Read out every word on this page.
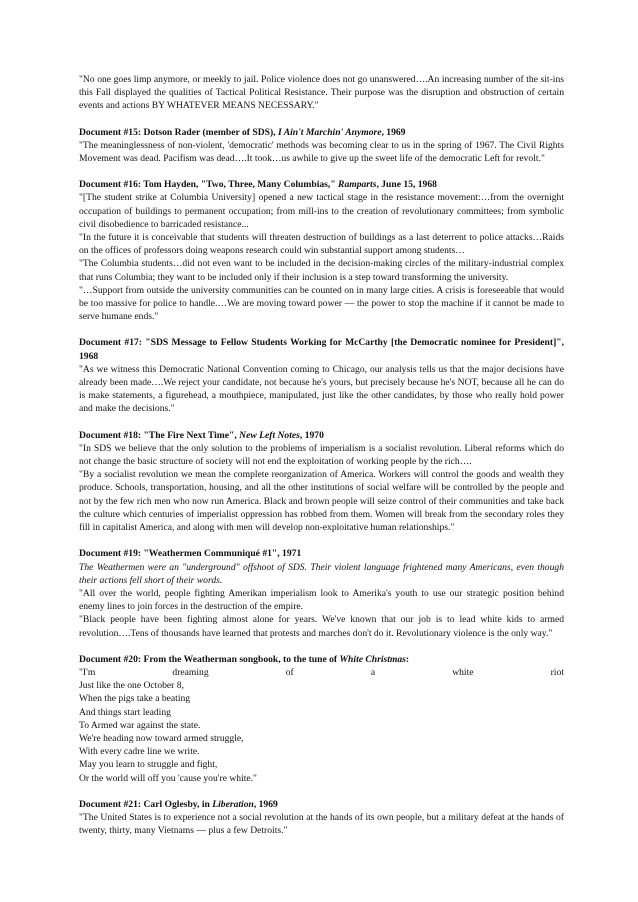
"No one goes limp anymore, or meekly to jail. Police violence does not go unanswered….An increasing number of the sit-ins this Fall displayed the qualities of Tactical Political Resistance. Their purpose was the disruption and obstruction of certain events and actions BY WHATEVER MEANS NECESSARY."

Document #15: Dotson Rader (member of SDS), I Ain't Marchin' Anymore, 1969

"The meaninglessness of non-violent, 'democratic' methods was becoming clear to us in the spring of 1967. The Civil Rights Movement was dead. Pacifism was dead….It took…us awhile to give up the sweet life of the democratic Left for revolt."

Document #16: Tom Hayden, "Two, Three, Many Columbias," Ramparts, June 15, 1968

"[The student strike at Columbia University] opened a new tactical stage in the resistance movement:…from the overnight occupation of buildings to permanent occupation; from mill-ins to the creation of revolutionary committees; from symbolic civil disobedience to barricaded resistance...

"In the future it is conceivable that students will threaten destruction of buildings as a last deterrent to police attacks…Raids on the offices of professors doing weapons research could win substantial support among students…

"The Columbia students…did not even want to be included in the decision-making circles of the military-industrial complex that runs Columbia; they want to be included only if their inclusion is a step toward transforming the university.

"…Support from outside the university communities can be counted on in many large cities. A crisis is foreseeable that would be too massive for police to handle.…We are moving toward power — the power to stop the machine if it cannot be made to serve humane ends."

Document #17: "SDS Message to Fellow Students Working for McCarthy [the Democratic nominee for President]", 1968

"As we witness this Democratic National Convention coming to Chicago, our analysis tells us that the major decisions have already been made….We reject your candidate, not because he's yours, but precisely because he's NOT, because all he can do is make statements, a figurehead, a mouthpiece, manipulated, just like the other candidates, by those who really hold power and make the decisions."

Document #18: "The Fire Next Time", New Left Notes, 1970

"In SDS we believe that the only solution to the problems of imperialism is a socialist revolution. Liberal reforms which do not change the basic structure of society will not end the exploitation of working people by the rich….

"By a socialist revolution we mean the complete reorganization of America. Workers will control the goods and wealth they produce. Schools, transportation, housing, and all the other institutions of social welfare will be controlled by the people and not by the few rich men who now run America. Black and brown people will seize control of their communities and take back the culture which centuries of imperialist oppression has robbed from them. Women will break from the secondary roles they fill in capitalist America, and along with men will develop non-exploitative human relationships."

Document #19: "Weathermen Communiqué #1", 1971

The Weathermen were an "underground" offshoot of SDS. Their violent language frightened many Americans, even though their actions fell short of their words.

"All over the world, people fighting Amerikan imperialism look to Amerika's youth to use our strategic position behind enemy lines to join forces in the destruction of the empire.

"Black people have been fighting almost alone for years. We've known that our job is to lead white kids to armed revolution….Tens of thousands have learned that protests and marches don't do it. Revolutionary violence is the only way."

Document #20: From the Weatherman songbook, to the tune of White Christmas:

"I'm	dreaming	of	a	white	riot

Just like the one October 8,

When the pigs take a beating

And things start leading

To Armed war against the state.

We're heading now toward armed struggle,

With every cadre line we write.

May you learn to struggle and fight,

Or the world will off you 'cause you're white."

Document #21: Carl Oglesby, in Liberation, 1969

"The United States is to experience not a social revolution at the hands of its own people, but a military defeat at the hands of twenty, thirty, many Vietnams — plus a few Detroits."
